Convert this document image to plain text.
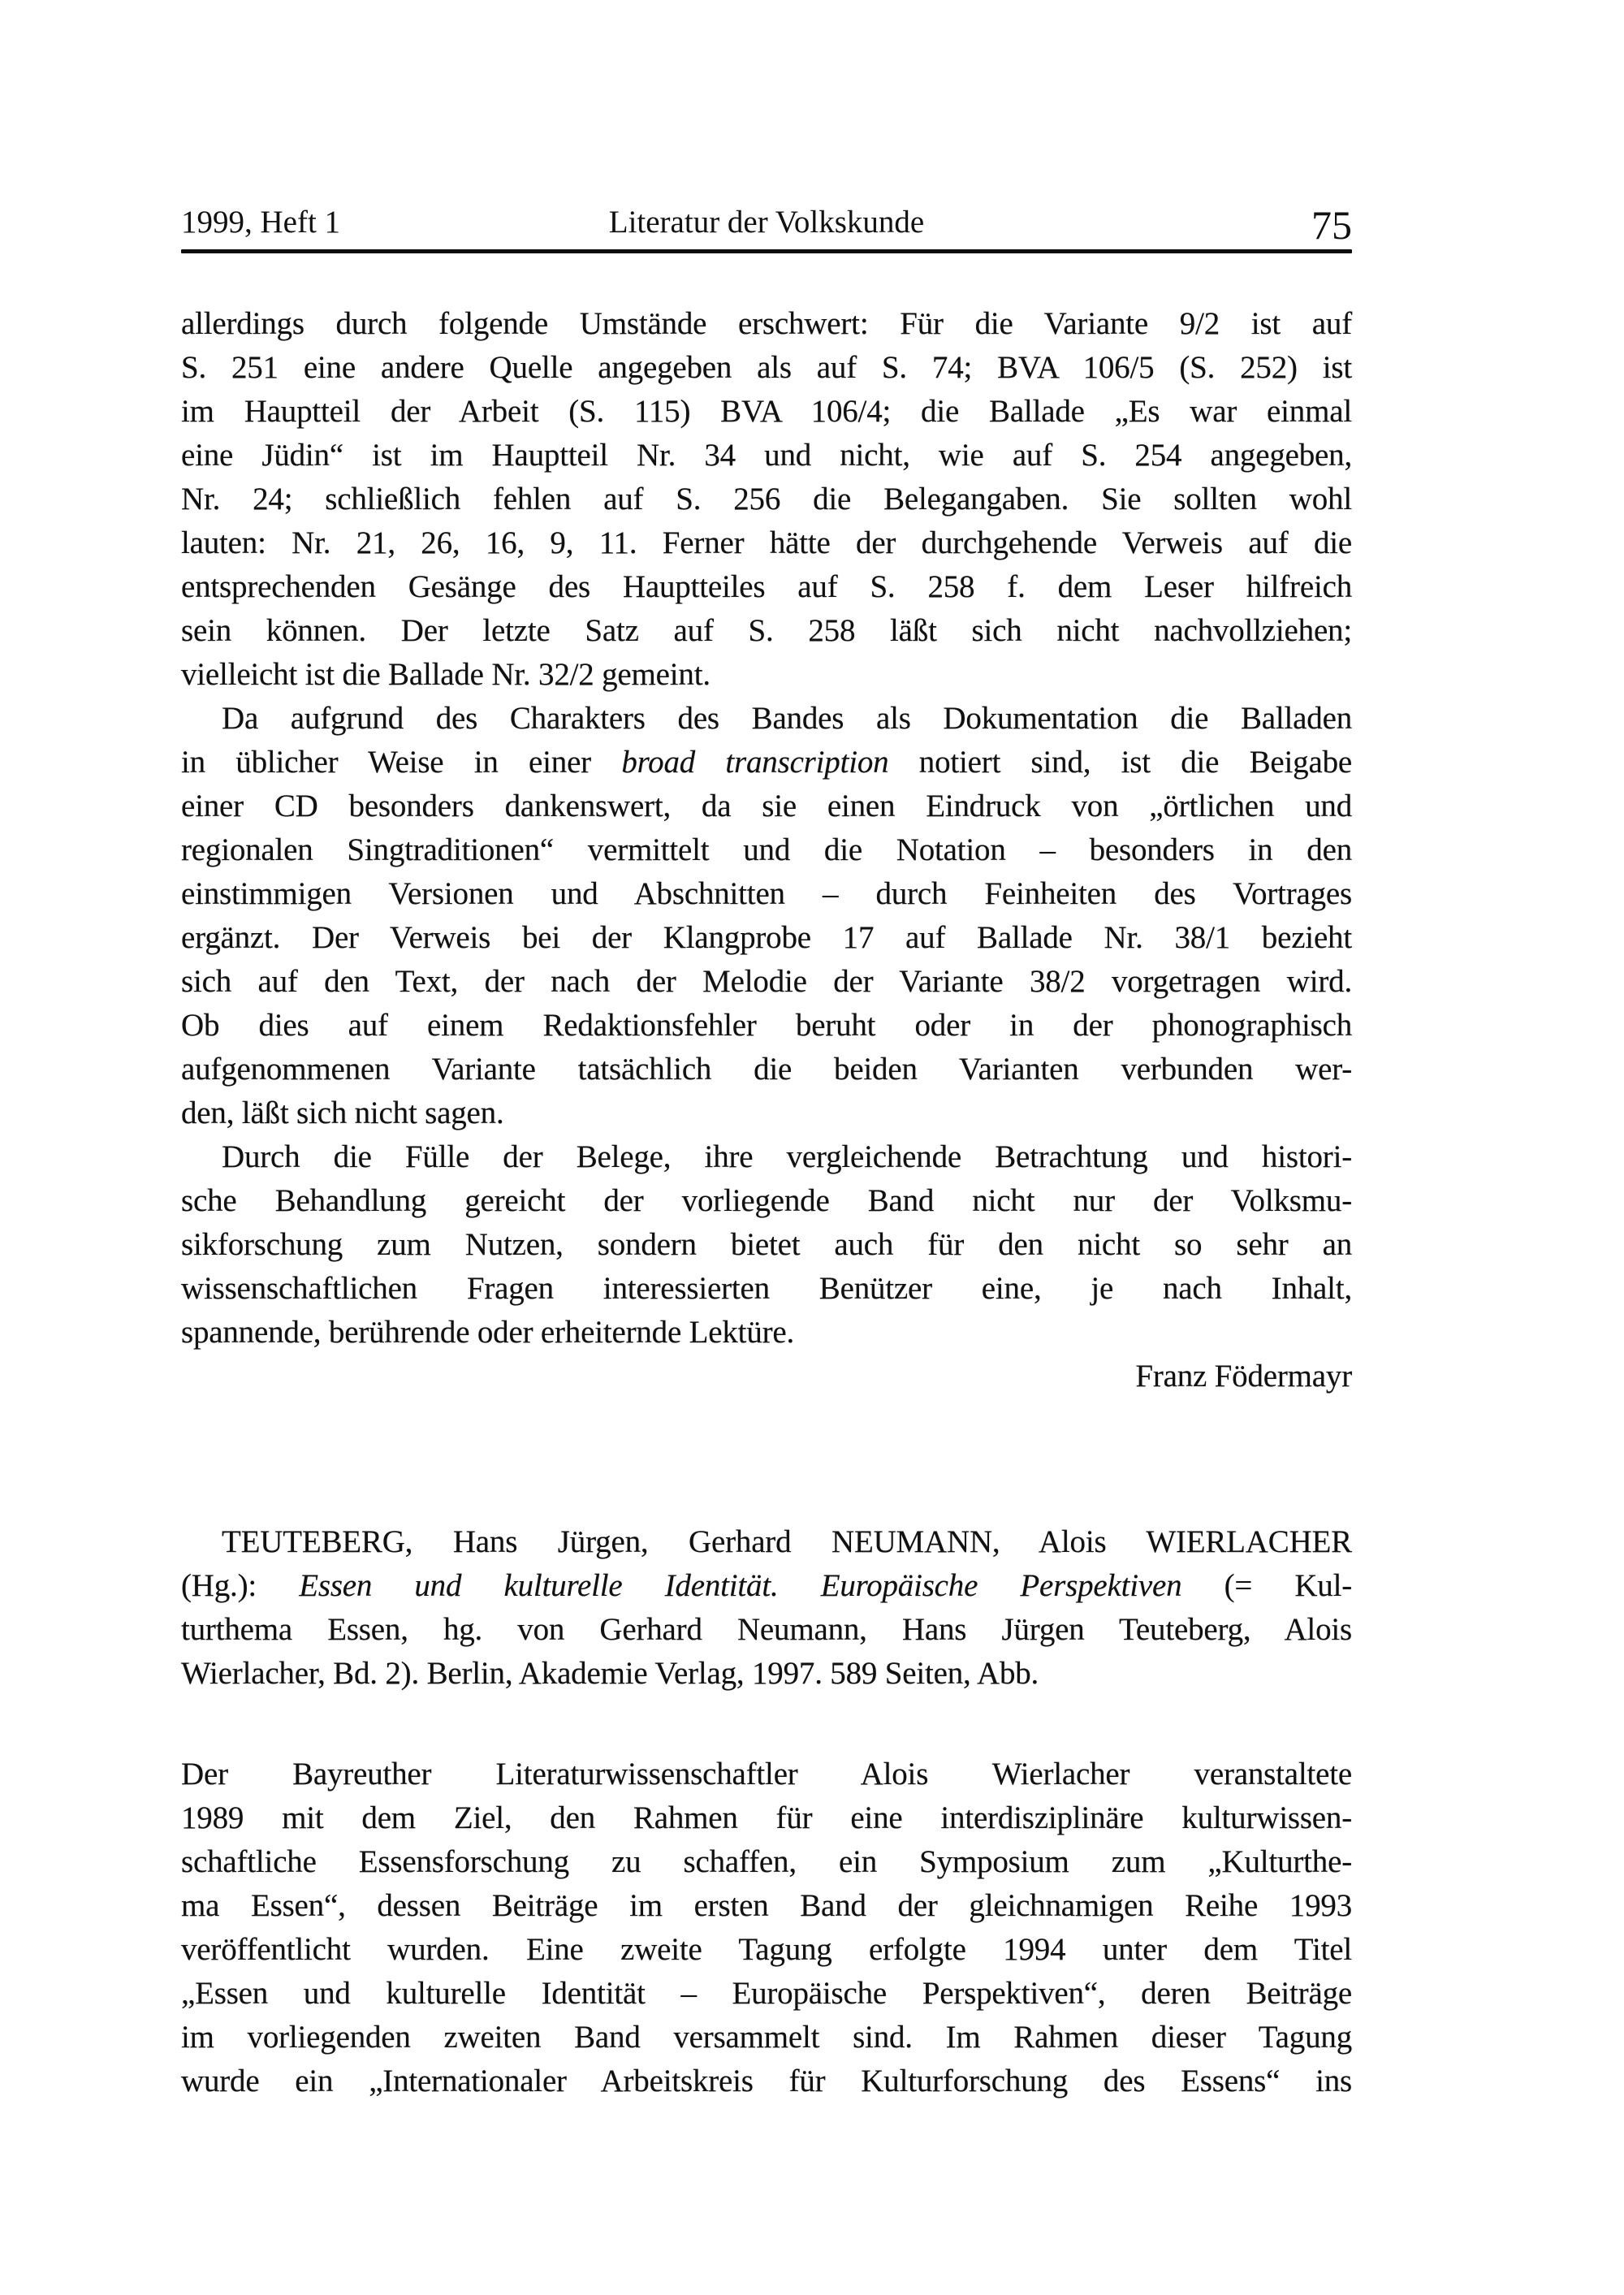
1999, Heft 1	Literatur der Volkskunde	75
allerdings durch folgende Umstände erschwert: Für die Variante 9/2 ist auf
S. 251 eine andere Quelle angegeben als auf S. 74; BVA 106/5 (S. 252) ist
im Hauptteil der Arbeit (S. 115) BVA 106/4; die Ballade „Es war einmal
eine Jüdin“ ist im Hauptteil Nr. 34 und nicht, wie auf S. 254 angegeben,
Nr. 24; schließlich fehlen auf S. 256 die Belegangaben. Sie sollten wohl
lauten: Nr. 21, 26, 16, 9, 11. Ferner hätte der durchgehende Verweis auf die
entsprechenden Gesänge des Hauptteiles auf S. 258 f. dem Leser hilfreich
sein können. Der letzte Satz auf S. 258 läßt sich nicht nachvollziehen;
vielleicht ist die Ballade Nr. 32/2 gemeint.
Da aufgrund des Charakters des Bandes als Dokumentation die Balladen
in üblicher Weise in einer broad transcription notiert sind, ist die Beigabe
einer CD besonders dankenswert, da sie einen Eindruck von „örtlichen und
regionalen Singtraditionen“ vermittelt und die Notation – besonders in den
einstimmigen Versionen und Abschnitten – durch Feinheiten des Vortrages
ergänzt. Der Verweis bei der Klangprobe 17 auf Ballade Nr. 38/1 bezieht
sich auf den Text, der nach der Melodie der Variante 38/2 vorgetragen wird.
Ob dies auf einem Redaktionsfehler beruht oder in der phonographisch
aufgenommenen Variante tatsächlich die beiden Varianten verbunden wer-
den, läßt sich nicht sagen.
Durch die Fülle der Belege, ihre vergleichende Betrachtung und histori-
sche Behandlung gereicht der vorliegende Band nicht nur der Volksmu-
sikforschung zum Nutzen, sondern bietet auch für den nicht so sehr an
wissenschaftlichen Fragen interessierten Benützer eine, je nach Inhalt,
spannende, berührende oder erheiternde Lektüre.
Franz Födermayr
TEUTEBERG, Hans Jürgen, Gerhard NEUMANN, Alois WIERLACHER
(Hg.): Essen und kulturelle Identität. Europäische Perspektiven (= Kul-
turthema Essen, hg. von Gerhard Neumann, Hans Jürgen Teuteberg, Alois
Wierlacher, Bd. 2). Berlin, Akademie Verlag, 1997. 589 Seiten, Abb.
Der Bayreuther Literaturwissenschaftler Alois Wierlacher veranstaltete
1989 mit dem Ziel, den Rahmen für eine interdisziplinäre kulturwissen-
schaftliche Essensforschung zu schaffen, ein Symposium zum „Kulturthe-
ma Essen“, dessen Beiträge im ersten Band der gleichnamigen Reihe 1993
veröffentlicht wurden. Eine zweite Tagung erfolgte 1994 unter dem Titel
„Essen und kulturelle Identität – Europäische Perspektiven“, deren Beiträge
im vorliegenden zweiten Band versammelt sind. Im Rahmen dieser Tagung
wurde ein „Internationaler Arbeitskreis für Kulturforschung des Essens“ ins
